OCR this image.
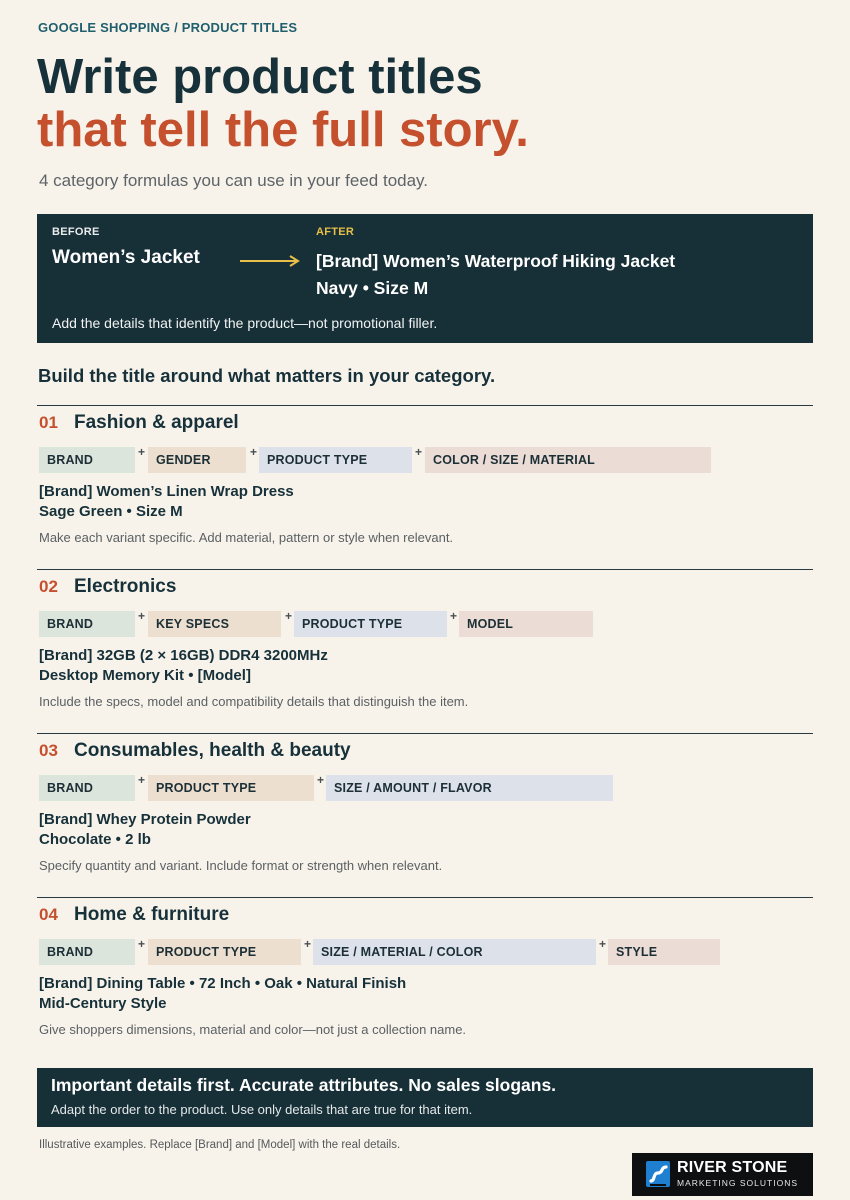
GOOGLE SHOPPING / PRODUCT TITLES
Write product titles
that tell the full story.
4 category formulas you can use in your feed today.
BEFORE
Women’s Jacket
AFTER
[Brand] Women’s Waterproof Hiking Jacket
Navy • Size M
Add the details that identify the product—not promotional filler.
Build the title around what matters in your category.
01 Fashion & apparel
BRAND
+
GENDER
+
PRODUCT TYPE
+
COLOR / SIZE / MATERIAL
[Brand] Women’s Linen Wrap Dress
Sage Green • Size M
Make each variant specific. Add material, pattern or style when relevant.
02 Electronics
BRAND
+
KEY SPECS
+
PRODUCT TYPE
+
MODEL
[Brand] 32GB (2 × 16GB) DDR4 3200MHz
Desktop Memory Kit • [Model]
Include the specs, model and compatibility details that distinguish the item.
03 Consumables, health & beauty
BRAND
+
PRODUCT TYPE
+
SIZE / AMOUNT / FLAVOR
[Brand] Whey Protein Powder
Chocolate • 2 lb
Specify quantity and variant. Include format or strength when relevant.
04 Home & furniture
BRAND
+
PRODUCT TYPE
+
SIZE / MATERIAL / COLOR
+
STYLE
[Brand] Dining Table • 72 Inch • Oak • Natural Finish
Mid-Century Style
Give shoppers dimensions, material and color—not just a collection name.
Important details first. Accurate attributes. No sales slogans.
Adapt the order to the product. Use only details that are true for that item.
Illustrative examples. Replace [Brand] and [Model] with the real details.
RIVER STONE
MARKETING SOLUTIONS
